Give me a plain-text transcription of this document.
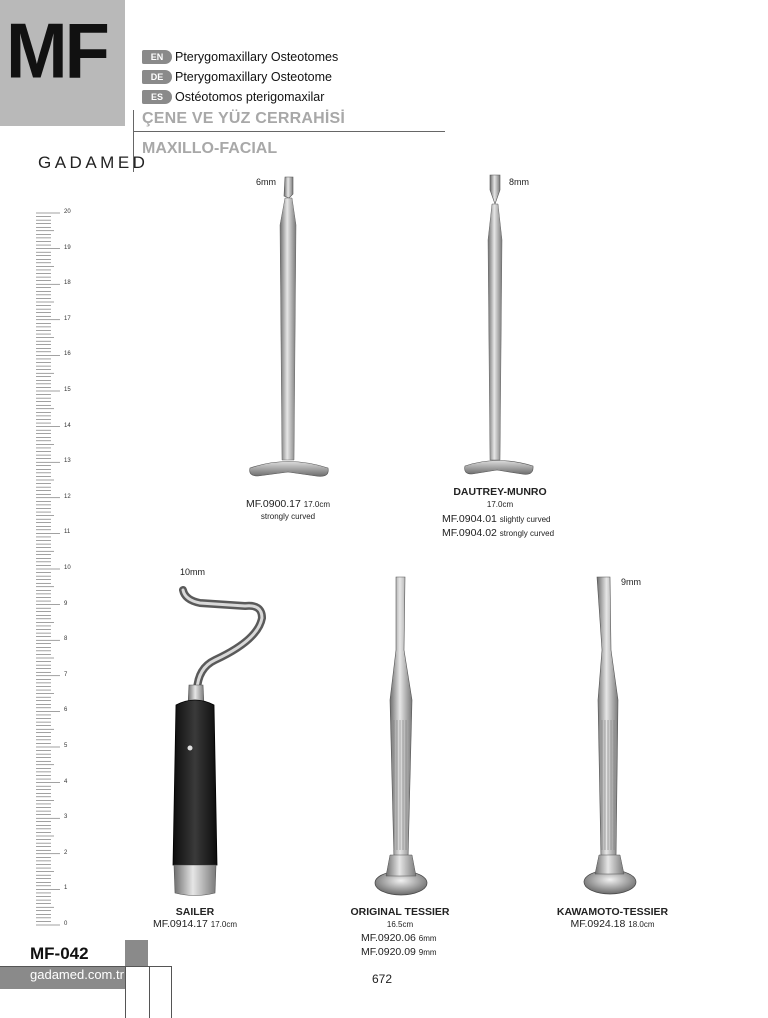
MF	EN Pterygomaxillary Osteotomes
DE Pterygomaxillary Osteotome
ES Ostéotomos pterigomaxilar
ÇENE VE YÜZ CERRAHİSİ
MAXILLO-FACIAL
GADAMED
20
19
18
17
16
15
14
13
12
11
10
9
8
7
6
5
4
3
2
1
0
6mm
MF.0900.17 17.0cm
strongly curved
8mm
DAUTREY-MUNRO
17.0cm
MF.0904.01 slightly curved
MF.0904.02 strongly curved
10mm
SAILER
MF.0914.17 17.0cm
ORIGINAL TESSIER
16.5cm
MF.0920.06 6mm
MF.0920.09 9mm
9mm
KAWAMOTO-TESSIER
MF.0924.18 18.0cm
MF-042
gadamed.com.tr	672
